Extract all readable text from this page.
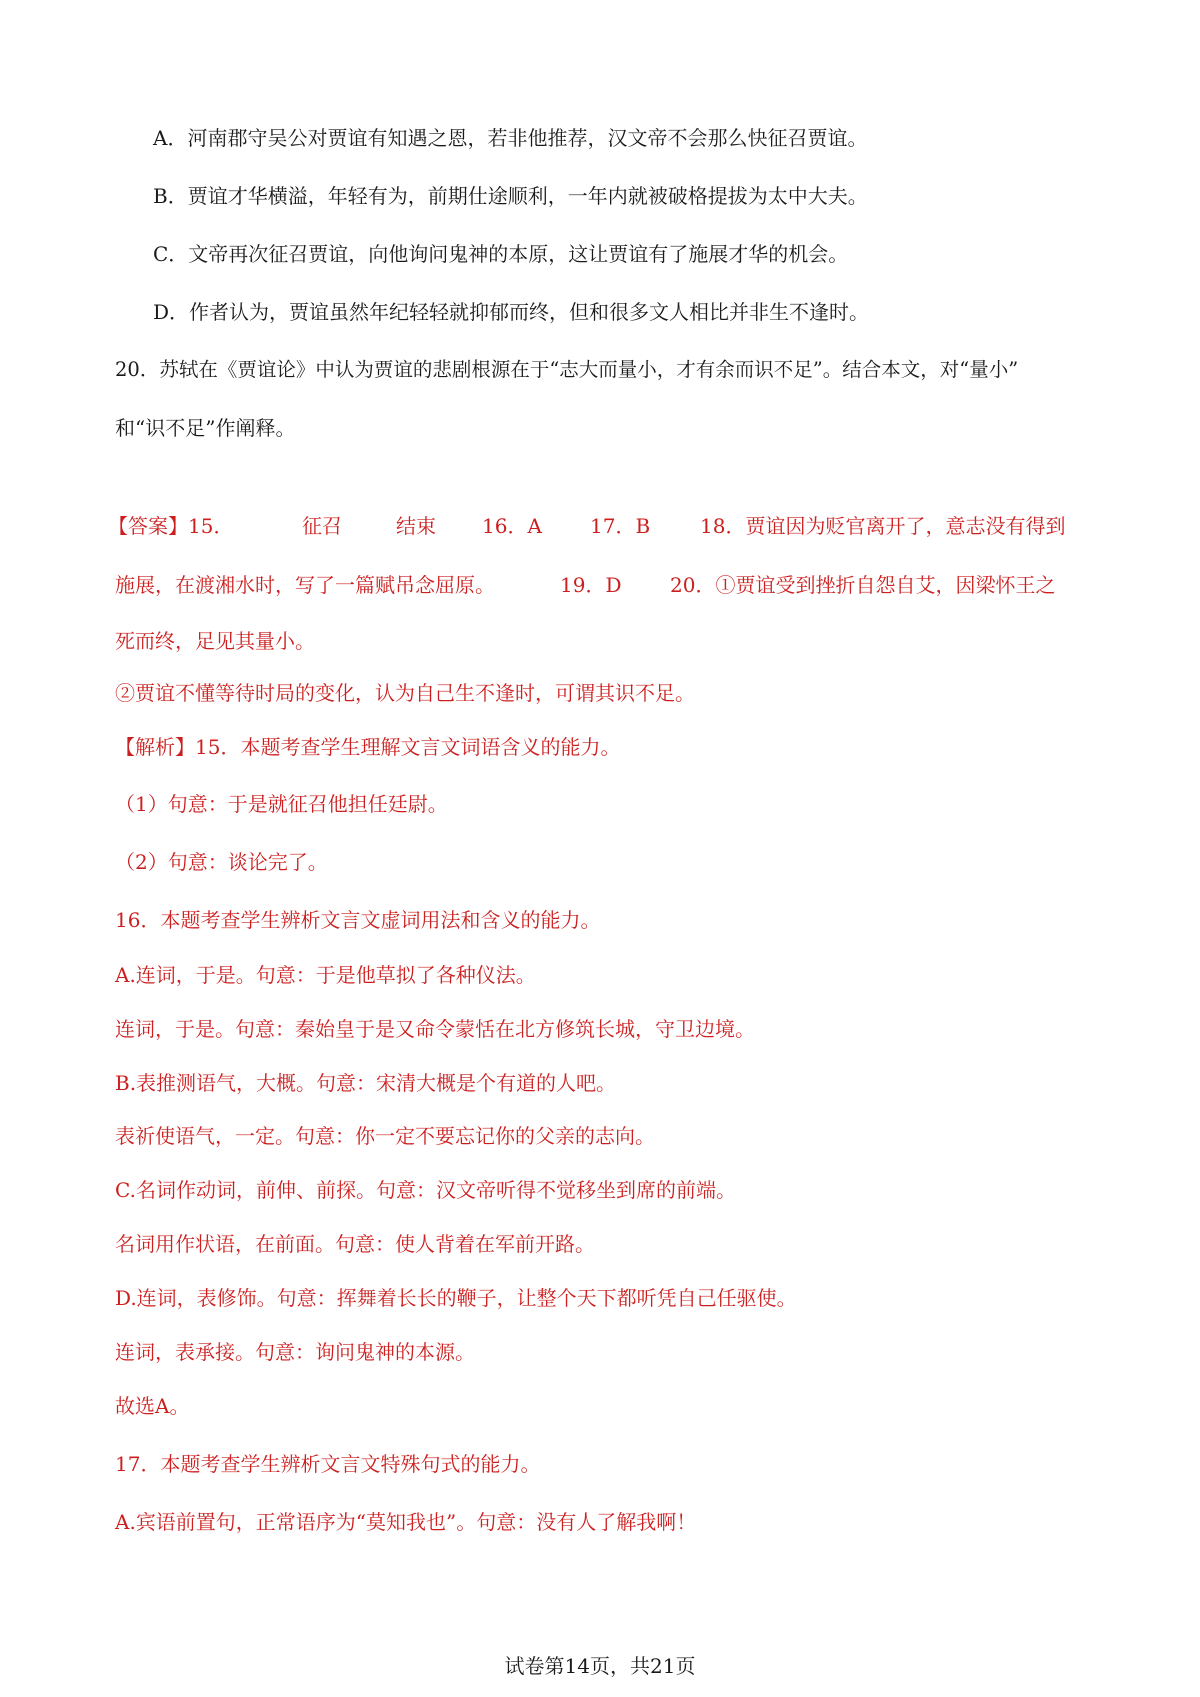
A．河南郡守吴公对贾谊有知遇之恩，若非他推荐，汉文帝不会那么快征召贾谊。
B．贾谊才华横溢，年轻有为，前期仕途顺利，一年内就被破格提拔为太中大夫。
C．文帝再次征召贾谊，向他询问鬼神的本原，这让贾谊有了施展才华的机会。
D．作者认为，贾谊虽然年纪轻轻就抑郁而终，但和很多文人相比并非生不逢时。
20．苏轼在《贾谊论》中认为贾谊的悲剧根源在于“志大而量小，才有余而识不足”。结合本文，对“量小”
和“识不足”作阐释。
【答案】15．	征召	结束 16．A 17．B 18．贾谊因为贬官离开了，意志没有得到
施展，在渡湘水时，写了一篇赋吊念屈原。	19．D 20．①贾谊受到挫折自怨自艾，因梁怀王之
死而终，足见其量小。
②贾谊不懂等待时局的变化，认为自己生不逢时，可谓其识不足。
【解析】15．本题考查学生理解文言文词语含义的能力。
（1）句意：于是就征召他担任廷尉。
（2）句意：谈论完了。
16．本题考查学生辨析文言文虚词用法和含义的能力。
A.连词，于是。句意：于是他草拟了各种仪法。
连词，于是。句意：秦始皇于是又命令蒙恬在北方修筑长城，守卫边境。
B.表推测语气，大概。句意：宋清大概是个有道的人吧。
表祈使语气，一定。句意：你一定不要忘记你的父亲的志向。
C.名词作动词，前伸、前探。句意：汉文帝听得不觉移坐到席的前端。
名词用作状语，在前面。句意：使人背着在军前开路。
D.连词，表修饰。句意：挥舞着长长的鞭子，让整个天下都听凭自己任驱使。
连词，表承接。句意：询问鬼神的本源。
故选A。
17．本题考查学生辨析文言文特殊句式的能力。
A.宾语前置句，正常语序为“莫知我也”。句意：没有人了解我啊！
试卷第14页，共21页
